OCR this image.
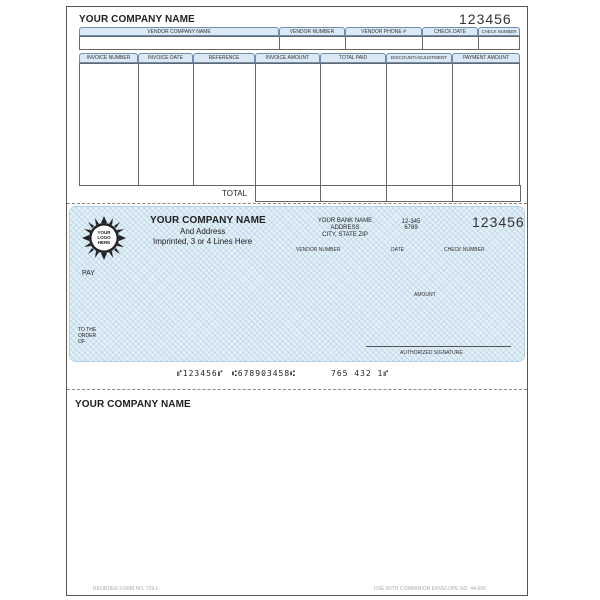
YOUR COMPANY NAME	123456
VENDOR COMPANY NAME	VENDOR NUMBER	VENDOR PHONE #	CHECK DATE	CHECK NUMBER
INVOICE NUMBER	INVOICE DATE	REFERENCE	INVOICE AMOUNT	TOTAL PAID	DISCOUNT/ADJUSTMENT	PAYMENT AMOUNT
TOTAL
YOUR
LOGO
HERE
YOUR COMPANY NAME
And Address
Imprinted, 3 or 4 Lines Here
YOUR BANK NAME
ADDRESS
CITY, STATE ZIP
12-345
6789	123456
VENDOR NUMBER	DATE	CHECK NUMBER
PAY
AMOUNT
TO THE
ORDER
OF
AUTHORIZED SIGNATURE
⑈123456⑈ ⑆678903458⑆	765 432 1⑈
YOUR COMPANY NAME
REORDER FORM NO. 729-L	USE WITH COMPANION ENVELOPE NO. 44-005
